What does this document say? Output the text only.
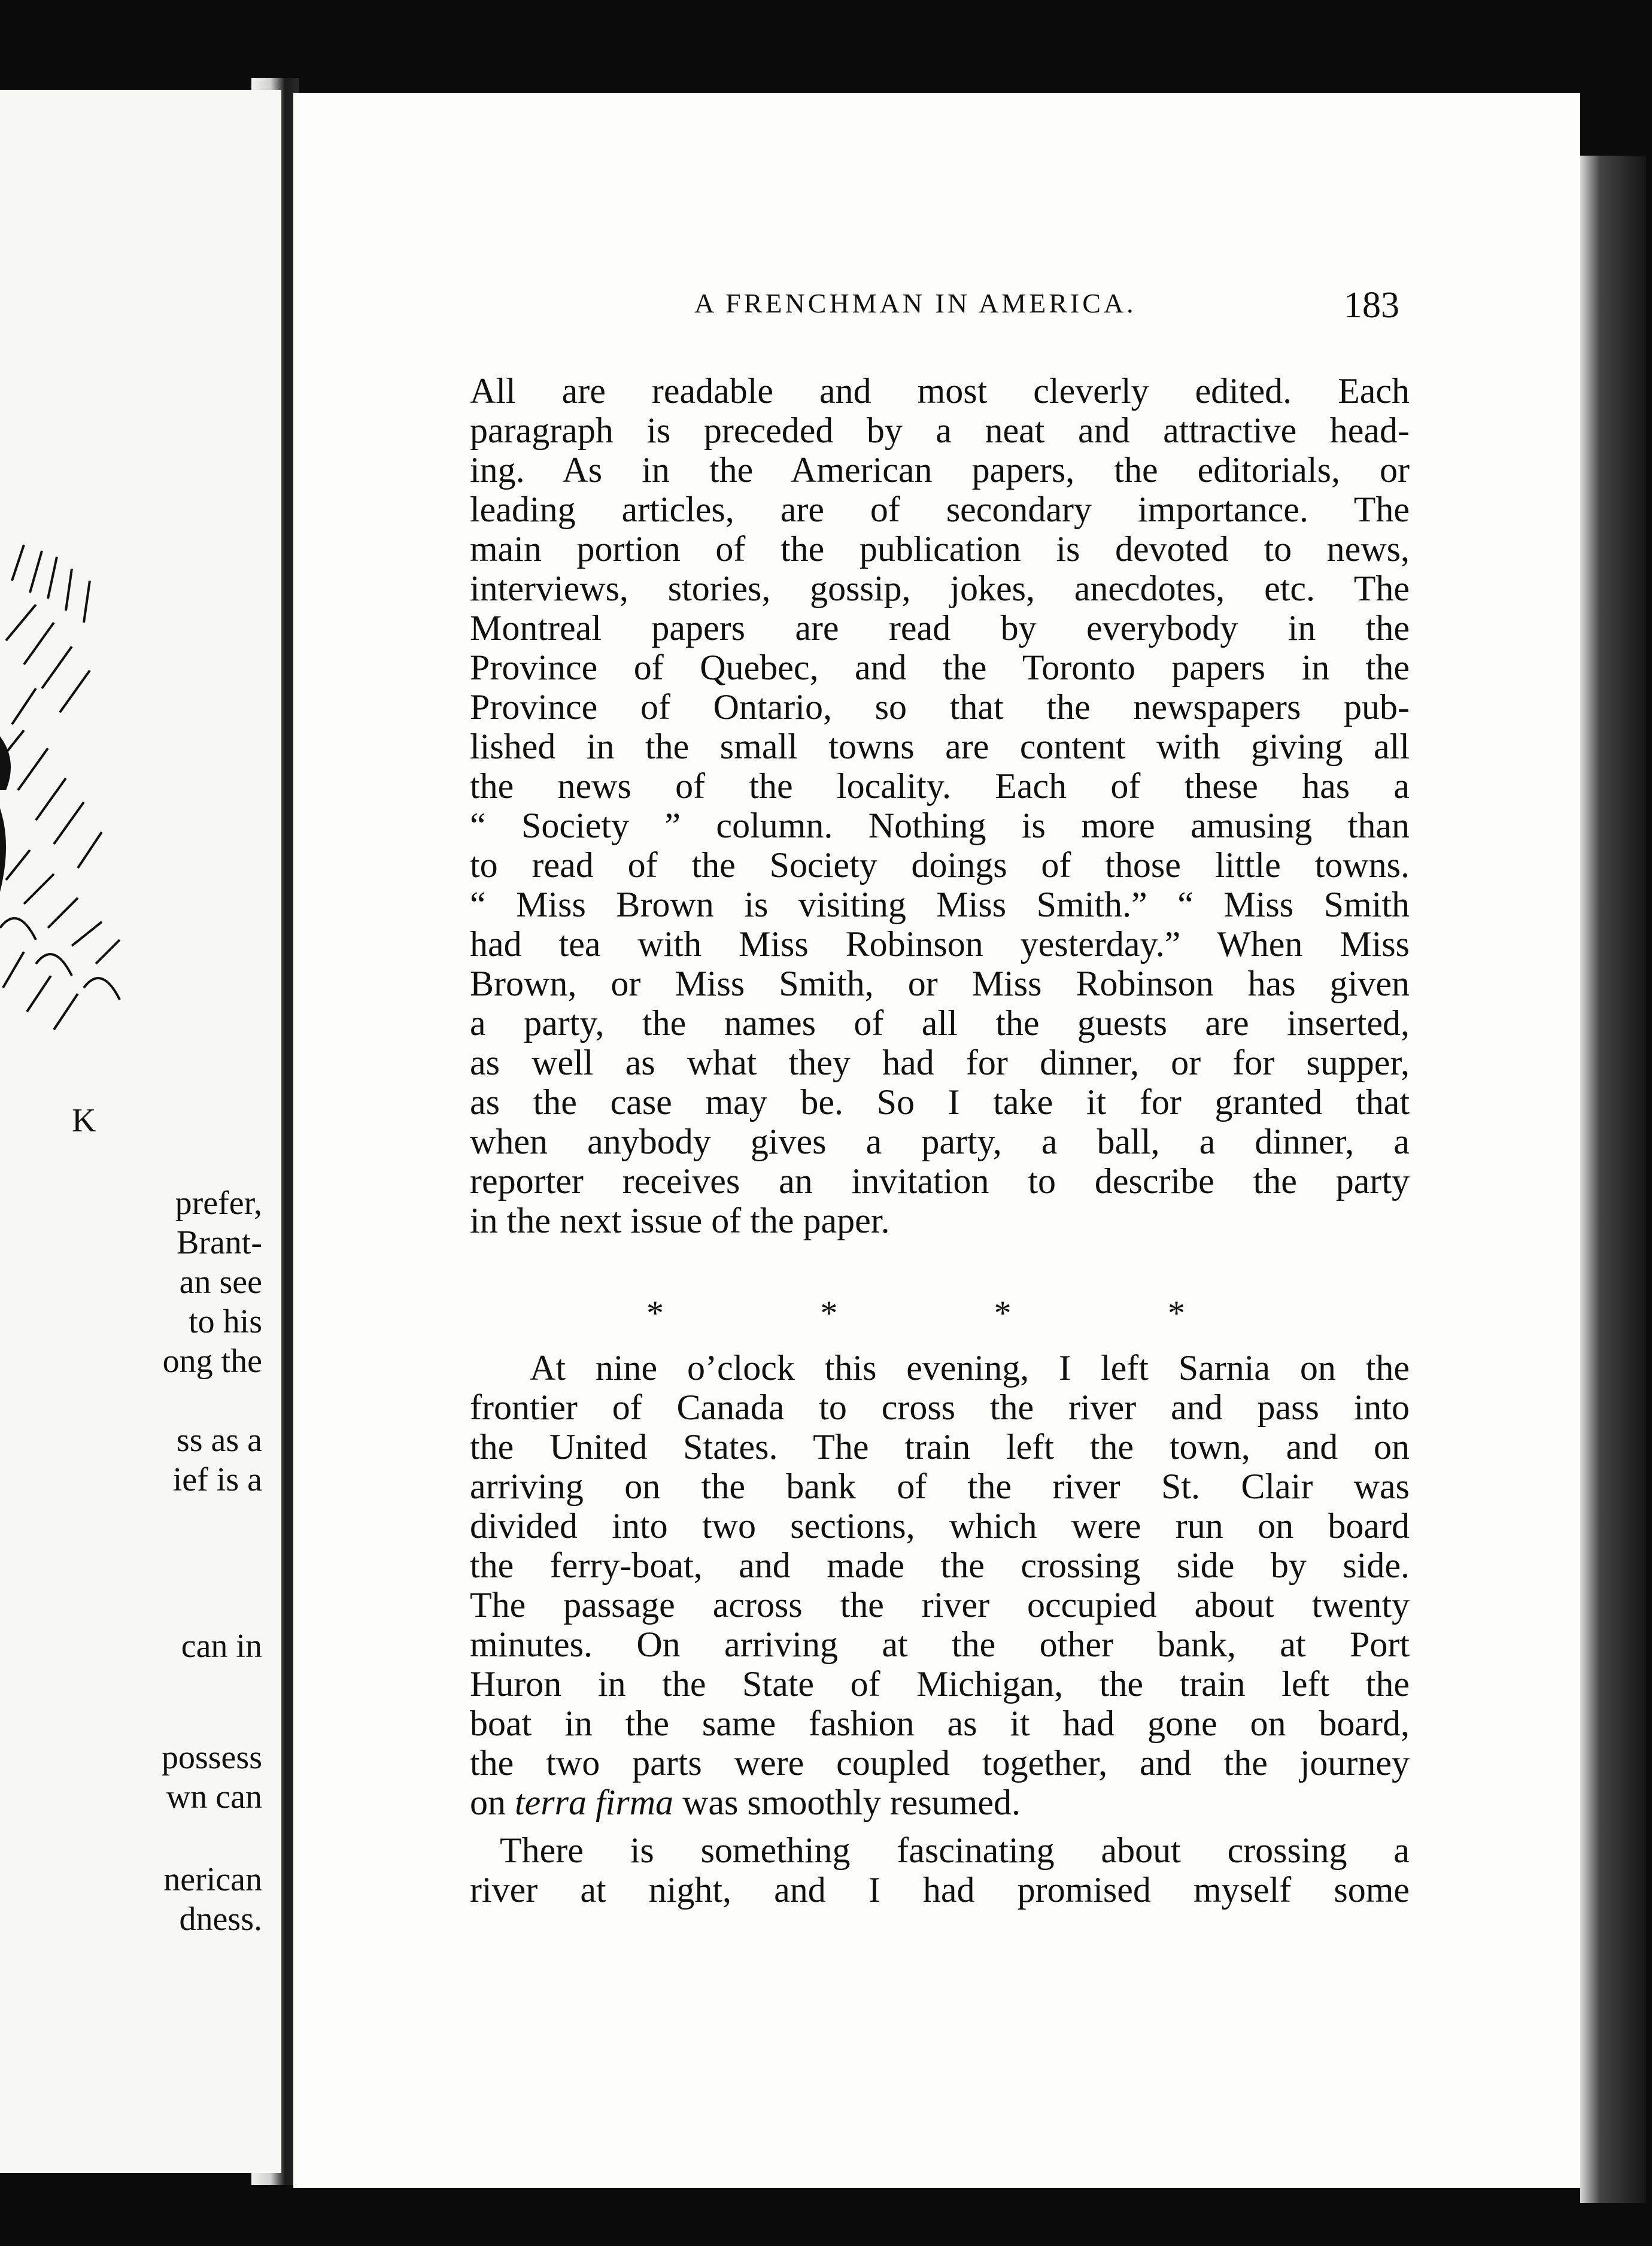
K
prefer,
Brant-
an see
to his
ong the
ss as a
ief is a
can in
possess
wn can
nerican
dness.
A FRENCHMAN IN AMERICA.	183
All are readable and most cleverly edited. Each
paragraph is preceded by a neat and attractive head-
ing. As in the American papers, the editorials, or
leading articles, are of secondary importance. The
main portion of the publication is devoted to news,
interviews, stories, gossip, jokes, anecdotes, etc. The
Montreal papers are read by everybody in the
Province of Quebec, and the Toronto papers in the
Province of Ontario, so that the newspapers pub-
lished in the small towns are content with giving all
the news of the locality. Each of these has a
“ Society ” column. Nothing is more amusing than
to read of the Society doings of those little towns.
“ Miss Brown is visiting Miss Smith.” “ Miss Smith
had tea with Miss Robinson yesterday.” When Miss
Brown, or Miss Smith, or Miss Robinson has given
a party, the names of all the guests are inserted,
as well as what they had for dinner, or for supper,
as the case may be. So I take it for granted that
when anybody gives a party, a ball, a dinner, a
reporter receives an invitation to describe the party
in the next issue of the paper.
At nine o’clock this evening, I left Sarnia on the
frontier of Canada to cross the river and pass into
the United States. The train left the town, and on
arriving on the bank of the river St. Clair was
divided into two sections, which were run on board
the ferry-boat, and made the crossing side by side.
The passage across the river occupied about twenty
minutes. On arriving at the other bank, at Port
Huron in the State of Michigan, the train left the
boat in the same fashion as it had gone on board,
the two parts were coupled together, and the journey
on terra firma was smoothly resumed.
There is something fascinating about crossing a
river at night, and I had promised myself some
*	*	*	*
